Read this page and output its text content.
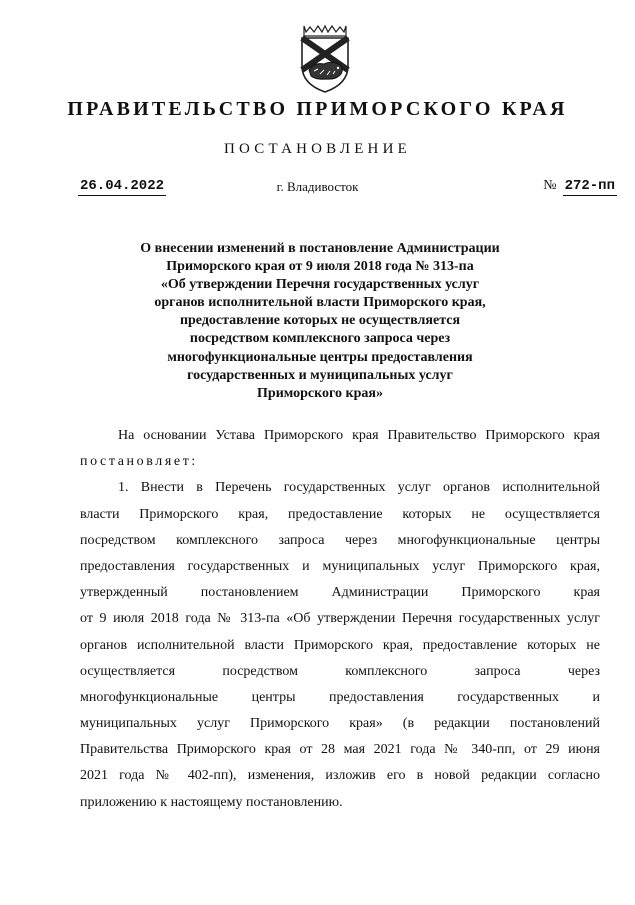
ПРАВИТЕЛЬСТВО ПРИМОРСКОГО КРАЯ
ПОСТАНОВЛЕНИЕ
26.04.2022	г. Владивосток	№ 272-пп
О внесении изменений в постановление Администрации
Приморского края от 9 июля 2018 года № 313-па
«Об утверждении Перечня государственных услуг
органов исполнительной власти Приморского края,
предоставление которых не осуществляется
посредством комплексного запроса через
многофункциональные центры предоставления
государственных и муниципальных услуг
Приморского края»
На основании Устава Приморского края Правительство Приморского края
постановляет:
1. Внести в Перечень государственных услуг органов исполнительной
власти Приморского края, предоставление которых не осуществляется
посредством комплексного запроса через многофункциональные центры
предоставления государственных и муниципальных услуг Приморского края,
утвержденный постановлением Администрации Приморского края
от 9 июля 2018 года № 313-па «Об утверждении Перечня государственных услуг
органов исполнительной власти Приморского края, предоставление которых не
осуществляется посредством комплексного запроса через
многофункциональные центры предоставления государственных и
муниципальных услуг Приморского края» (в редакции постановлений
Правительства Приморского края от 28 мая 2021 года № 340-пп, от 29 июня
2021 года № 402-пп), изменения, изложив его в новой редакции согласно
приложению к настоящему постановлению.
